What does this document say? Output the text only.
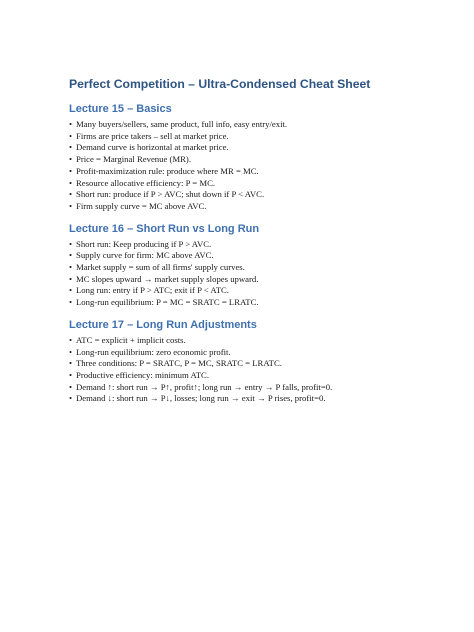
Perfect Competition – Ultra-Condensed Cheat Sheet
Lecture 15 – Basics
• Many buyers/sellers, same product, full info, easy entry/exit.
• Firms are price takers – sell at market price.
• Demand curve is horizontal at market price.
• Price = Marginal Revenue (MR).
• Profit-maximization rule: produce where MR = MC.
• Resource allocative efficiency: P = MC.
• Short run: produce if P > AVC; shut down if P < AVC.
• Firm supply curve = MC above AVC.
Lecture 16 – Short Run vs Long Run
• Short run: Keep producing if P > AVC.
• Supply curve for firm: MC above AVC.
• Market supply = sum of all firms' supply curves.
• MC slopes upward → market supply slopes upward.
• Long run: entry if P > ATC; exit if P < ATC.
• Long-run equilibrium: P = MC = SRATC = LRATC.
Lecture 17 – Long Run Adjustments
• ATC = explicit + implicit costs.
• Long-run equilibrium: zero economic profit.
• Three conditions: P = SRATC, P = MC, SRATC = LRATC.
• Productive efficiency: minimum ATC.
• Demand ↑: short run → P↑, profit↑; long run → entry → P falls, profit=0.
• Demand ↓: short run → P↓, losses; long run → exit → P rises, profit=0.
